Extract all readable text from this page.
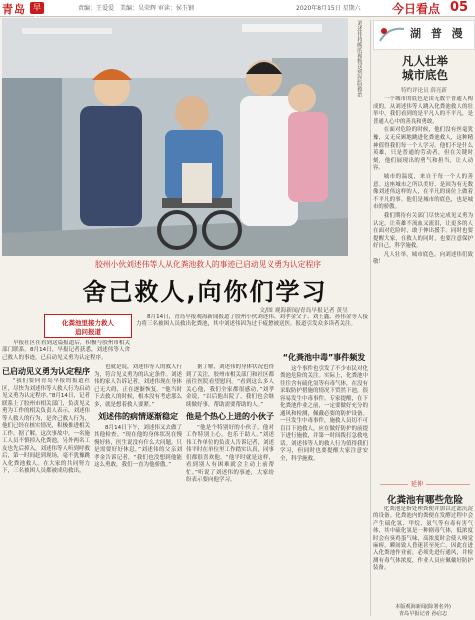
青岛 早	责编：王爱爱　美编：吴荣辉 审读：侯玉钢	2020年8月15日 星期六	今日看点 05
刘述伟将晚的视物送到医院救治	湖 普 漫
凡人壮举
城市底色
特约评论员 薛亮新

一个城市的底色是由无数个普通人构成的。从刘述伟等人跳入化粪池救人的壮举中，我们看到的是平凡人的不平凡，是普通人心中的善良和勇敢。

在面对危险的时候，他们没有丝毫犹豫，义无反顾地跳进化粪池救人，这种精神值得我们每一个人学习。他们不是什么英雄，只是普通的劳动者，但在关键时刻，他们展现出的勇气和担当，让人动容。

城市的温度，来自于每一个人的善意。这座城市之所以美好，是因为有无数像刘述伟这样的人，在平凡的岗位上做着不平凡的事。他们是城市的底色，也是城市的骄傲。

我们期待有关部门尽快完成见义勇为认定，让英雄不流血又流泪，让更多的人在面对危险时，敢于伸出援手。同时也要提醒大家，在救人的同时，也要注意保护好自己，科学施救。

凡人壮举，城市底色。向刘述伟们致敬！

延伸
化粪池有哪些危险

化粪池是指处理粪便并加以过滤沉淀的设备。化粪池内的粪便在发酵过程中会产生硫化氢、甲烷、氨气等有毒有害气体，其中硫化氢是一种剧毒气体，低浓度时会有臭鸡蛋气味，高浓度时会使人嗅觉麻痹，瞬间致人昏迷甚至死亡。因此在进入化粪池作业前，必须先进行通风，并检测有毒气体浓度，作业人员应佩戴好防护装备。

本版观海新闻(除署名外)
青岛早报记者 孙启志
胶州小伙刘述伟等人从化粪池救人的事迹已启动见义勇为认定程序
舍己救人,向你们学习
文/图 观海新闻/青岛早报记者 黄昱
化粪池里接力救人
追问报道
8月14日，青岛早报观海新闻报道了胶州小伙刘述伟、刘孝金父子、刘王鑫、孙伟金等人接力将三名被困人员救出化粪池，其中刘述伟因为过于疲惫被送医。报道引发众多读者关注。
早报社区在看到这篇报道后，积极与胶州市相关部门联系。8月14日，早报记者获悉，刘述伟等人舍己救人的事迹，已启动见义勇为认定程序。
已启动见义勇为认定程序

"我们要向青岛早报的报道社区，尽快为刘述伟等人救人行为启动见义勇为认定程序。”8月14日，记者联系上了胶州市相关部门，负责见义勇为工作的相关负责人表示，刘述伟等人救人的行为，是舍己救人行为，他们已经在核实情况，积极推进相关工作。据了解，这次事故中，一名施工人员不慎掉入化粪池，另外两名工友也先后掉入，刘述伟等人听到呼救后，第一时间赶到现场，毫不犹豫跳入化粪池救人。在大家的共同努力下，三名被困人员都被成功救出。

也就是说，刘述伟等人的救人行为，符合见义勇为的认定条件。刘述伟的家人告诉记者，刘述伟现在身体已无大碍，正在逐渐恢复。“他当时下去救人的时候，根本没有考虑那么多，就是想着救人要紧。”

刘述伟的病情逐渐稳定

8月14日下午，刘述伟又去做了其他检查。“现在他的身体状况在慢慢好转，医生说没有什么大问题，只是需要好好休息，”刘述伟的父亲刘孝金告诉记者，“我们也没想到他能这么勇敢，我们一直为他骄傲。”

据了解，刘述伟的身体状况也得到了关注，胶州市相关部门和社区都前往医院看望慰问。“看到这么多人关心他，我们全家都很感动，”刘孝金说，“以后他出院了，我们也会继续做好事，帮助需要帮助的人。”

他是个热心上进的小伙子

“他是个特别好的小伙子，他对工作特别上心，也乐于助人。”刘述伟工作单位的负责人告诉记者，刘述伟平时在单位里工作踏实认真，同事们都很喜欢他。“他平时就是这样，看到别人有困难就会主动上前帮忙。”听说了刘述伟的事迹，大家纷纷表示要向他学习。

“化粪池中毒”事件频发

这个事件也引发了不少市民对化粪池危险的关注。实际上，化粪池中往往含有硫化氢等有毒气体，在没有采取防护措施的情况下贸然下池，很容易发生中毒事件。专家提醒，在下化粪池作业之前，一定要做好充分的通风和检测，佩戴必要的防护设备。一旦发生中毒事件，施救人员切不可盲目下池救人，应在做好防护的前提下进行施救，并第一时间拨打急救电话。刘述伟等人的救人行为值得我们学习，但同时也要提醒大家注意安全，科学施救。
